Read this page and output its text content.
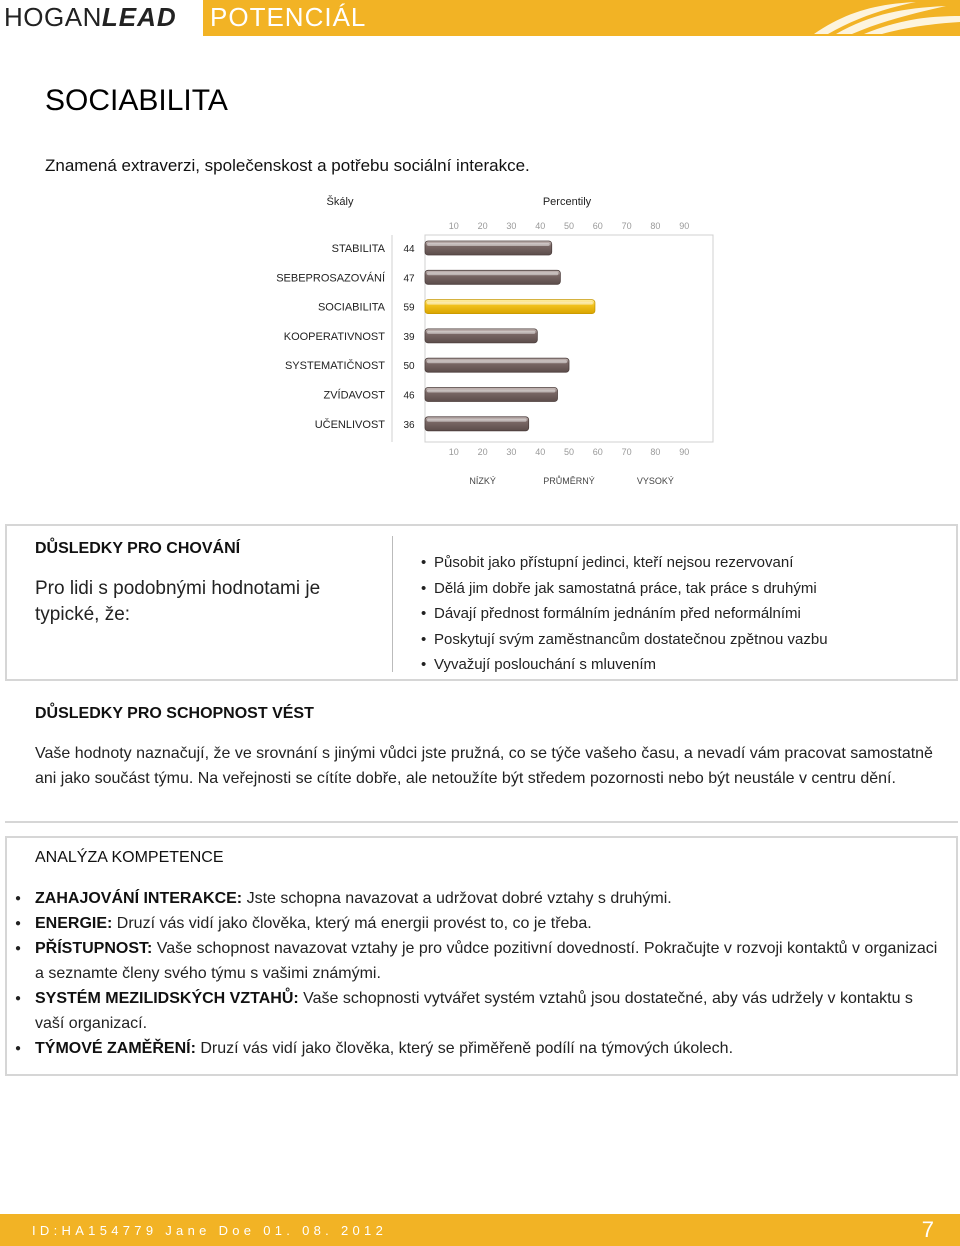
HOGANLEAD POTENCIÁL
SOCIABILITA
Znamená extraverzi, společenskost a potřebu sociální interakce.
Škály	Percentily
10
10
20
20
30
30
40
40
50
50
60
60
70
70
80
80
90
90
STABILITA 44
SEBEPROSAZOVÁNÍ 47
SOCIABILITA 59
KOOPERATIVNOST 39
SYSTEMATIČNOST 50
ZVÍDAVOST 46
UČENLIVOST 36
NÍZKÝ	PRŮMĚRNÝ	VYSOKÝ
DŮSLEDKY PRO CHOVÁNÍ
Pro lidi s podobnými hodnotami je typické, že:
• Působit jako přístupní jedinci, kteří nejsou rezervovaní
• Dělá jim dobře jak samostatná práce, tak práce s druhými
• Dávají přednost formálním jednáním před neformálními
• Poskytují svým zaměstnancům dostatečnou zpětnou vazbu
• Vyvažují poslouchání s mluvením
DŮSLEDKY PRO SCHOPNOST VÉST
Vaše hodnoty naznačují, že ve srovnání s jinými vůdci jste pružná, co se týče vašeho času, a nevadí vám pracovat samostatně ani jako součást týmu. Na veřejnosti se cítíte dobře, ale netoužíte být středem pozornosti nebo být neustále v centru dění.
ANALÝZA KOMPETENCE
● ZAHAJOVÁNÍ INTERAKCE: Jste schopna navazovat a udržovat dobré vztahy s druhými.
● ENERGIE: Druzí vás vidí jako člověka, který má energii provést to, co je třeba.
● PŘÍSTUPNOST: Vaše schopnost navazovat vztahy je pro vůdce pozitivní dovedností. Pokračujte v rozvoji kontaktů v organizaci a seznamte členy svého týmu s vašimi známými.
● SYSTÉM MEZILIDSKÝCH VZTAHŮ: Vaše schopnosti vytvářet systém vztahů jsou dostatečné, aby vás udržely v kontaktu s vaší organizací.
● TÝMOVÉ ZAMĚŘENÍ: Druzí vás vidí jako člověka, který se přiměřeně podílí na týmových úkolech.
ID:HA154779 Jane Doe 01. 08. 2012	7
